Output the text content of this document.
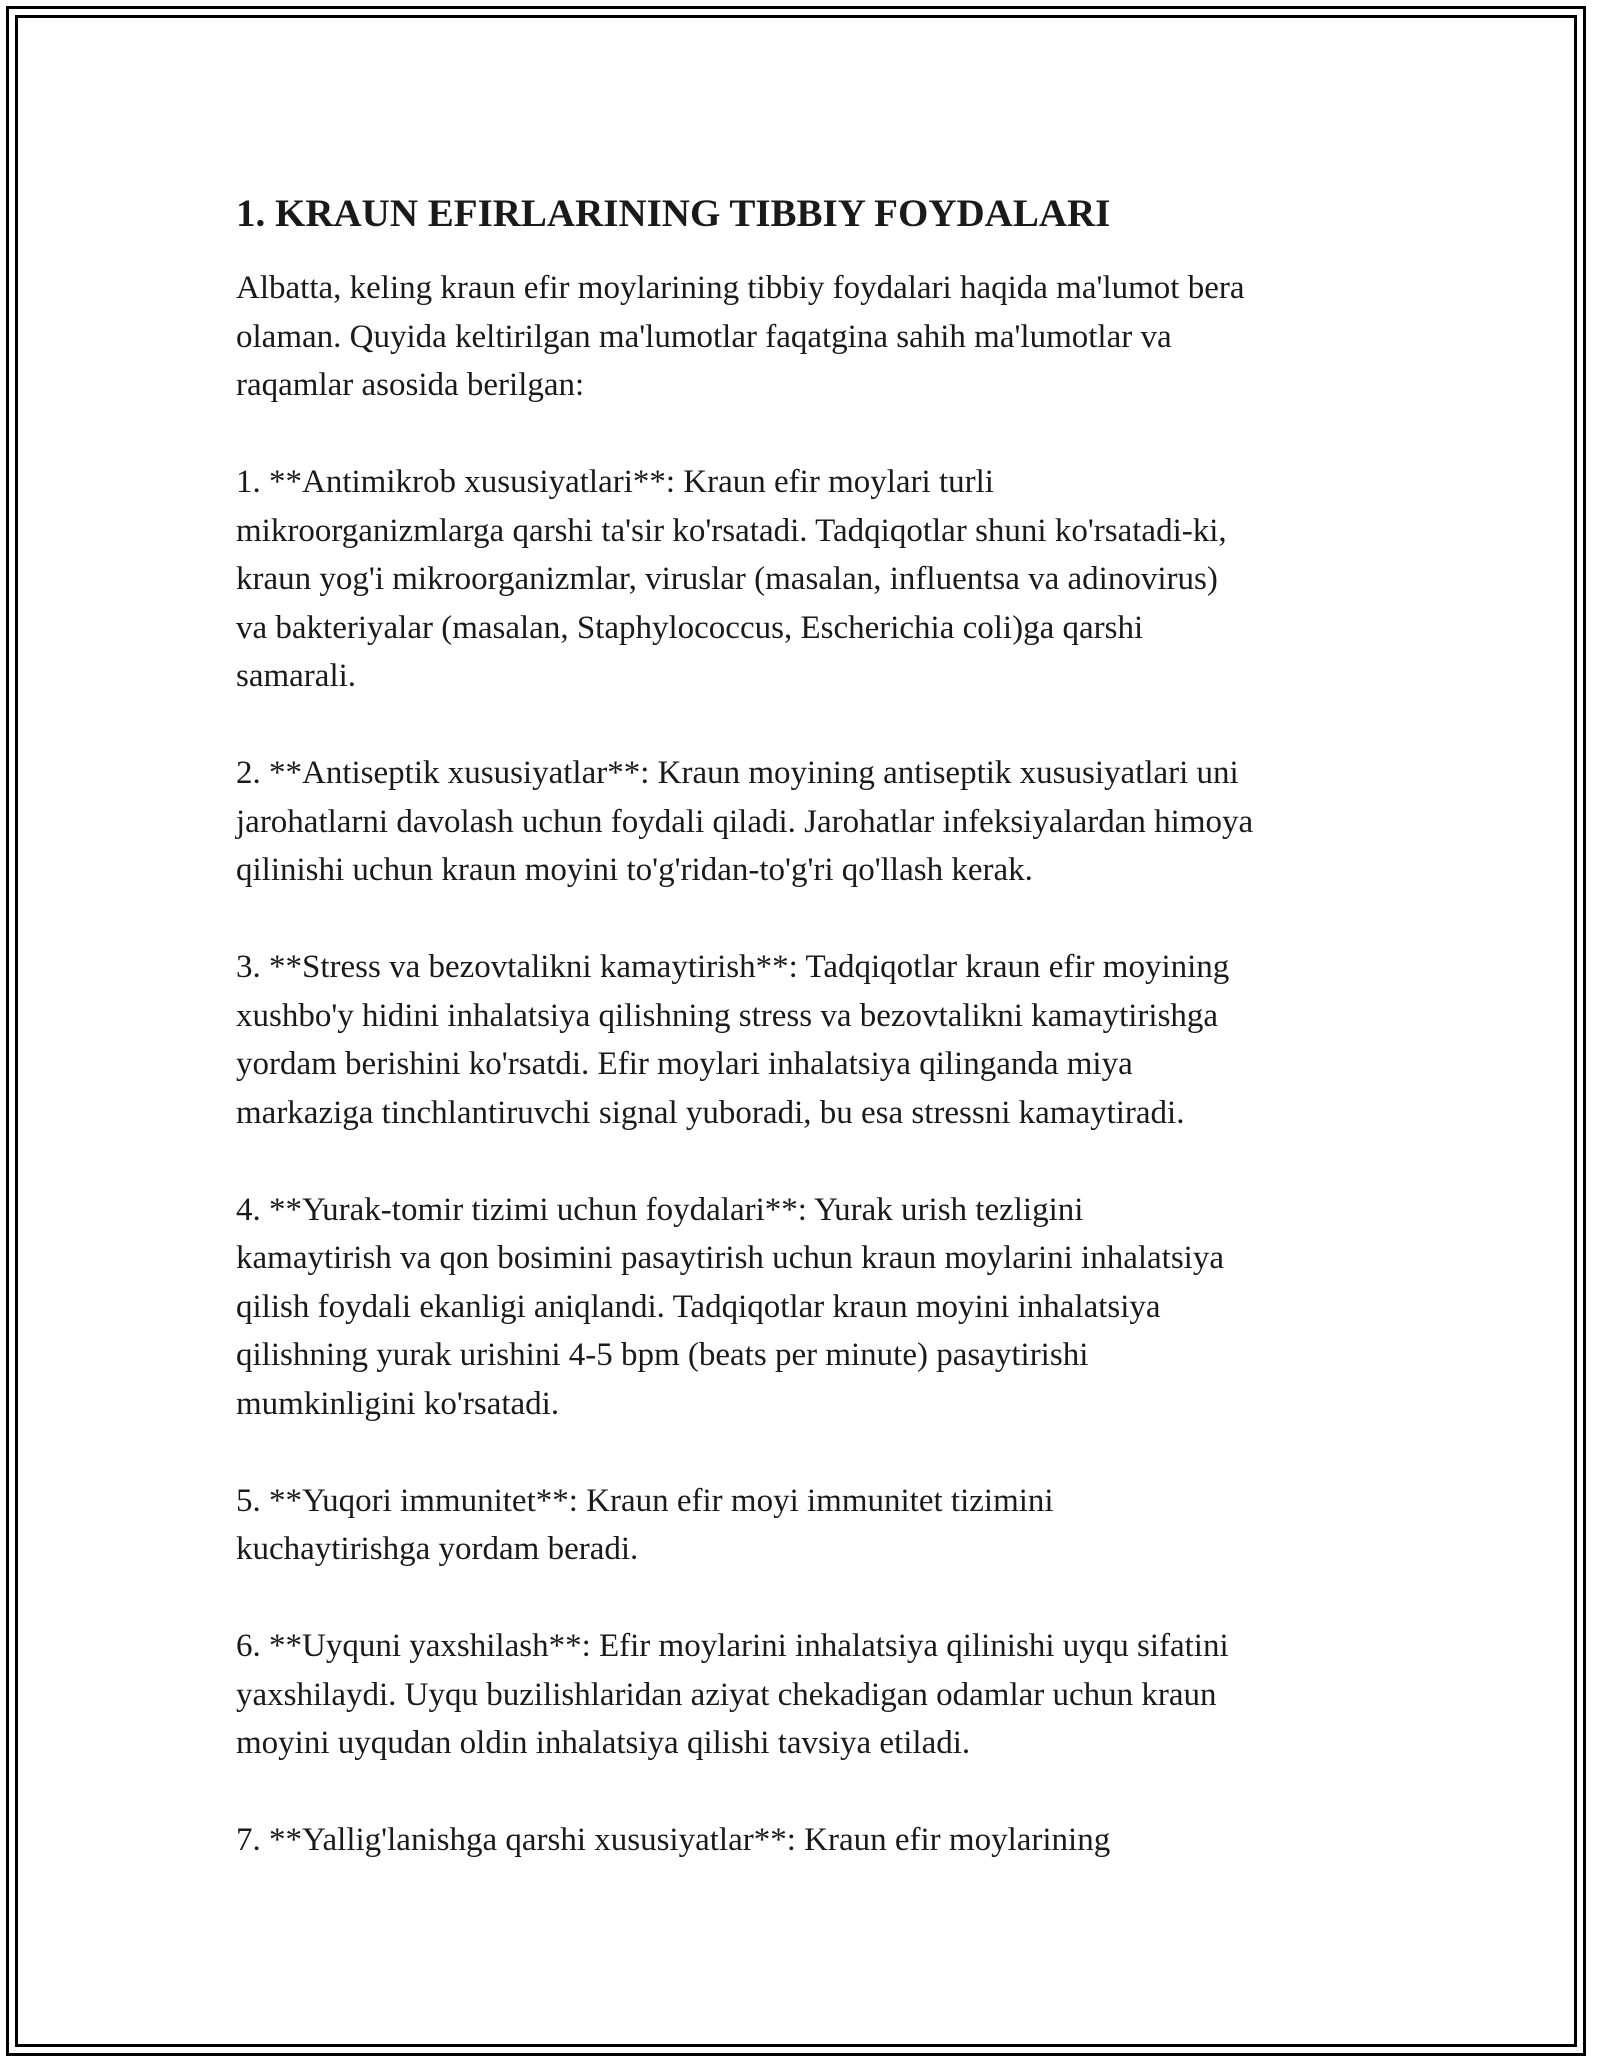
1. KRAUN EFIRLARINING TIBBIY FOYDALARI

Albatta, keling kraun efir moylarining tibbiy foydalari haqida ma'lumot bera
olaman. Quyida keltirilgan ma'lumotlar faqatgina sahih ma'lumotlar va
raqamlar asosida berilgan:

1. **Antimikrob xususiyatlari**: Kraun efir moylari turli
mikroorganizmlarga qarshi ta'sir ko'rsatadi. Tadqiqotlar shuni ko'rsatadi-ki,
kraun yog'i mikroorganizmlar, viruslar (masalan, influentsa va adinovirus)
va bakteriyalar (masalan, Staphylococcus, Escherichia coli)ga qarshi
samarali.

2. **Antiseptik xususiyatlar**: Kraun moyining antiseptik xususiyatlari uni
jarohatlarni davolash uchun foydali qiladi. Jarohatlar infeksiyalardan himoya
qilinishi uchun kraun moyini to'g'ridan-to'g'ri qo'llash kerak.

3. **Stress va bezovtalikni kamaytirish**: Tadqiqotlar kraun efir moyining
xushbo'y hidini inhalatsiya qilishning stress va bezovtalikni kamaytirishga
yordam berishini ko'rsatdi. Efir moylari inhalatsiya qilinganda miya
markaziga tinchlantiruvchi signal yuboradi, bu esa stressni kamaytiradi.

4. **Yurak-tomir tizimi uchun foydalari**: Yurak urish tezligini
kamaytirish va qon bosimini pasaytirish uchun kraun moylarini inhalatsiya
qilish foydali ekanligi aniqlandi. Tadqiqotlar kraun moyini inhalatsiya
qilishning yurak urishini 4-5 bpm (beats per minute) pasaytirishi
mumkinligini ko'rsatadi.

5. **Yuqori immunitet**: Kraun efir moyi immunitet tizimini
kuchaytirishga yordam beradi.

6. **Uyquni yaxshilash**: Efir moylarini inhalatsiya qilinishi uyqu sifatini
yaxshilaydi. Uyqu buzilishlaridan aziyat chekadigan odamlar uchun kraun
moyini uyqudan oldin inhalatsiya qilishi tavsiya etiladi.

7. **Yallig'lanishga qarshi xususiyatlar**: Kraun efir moylarining
